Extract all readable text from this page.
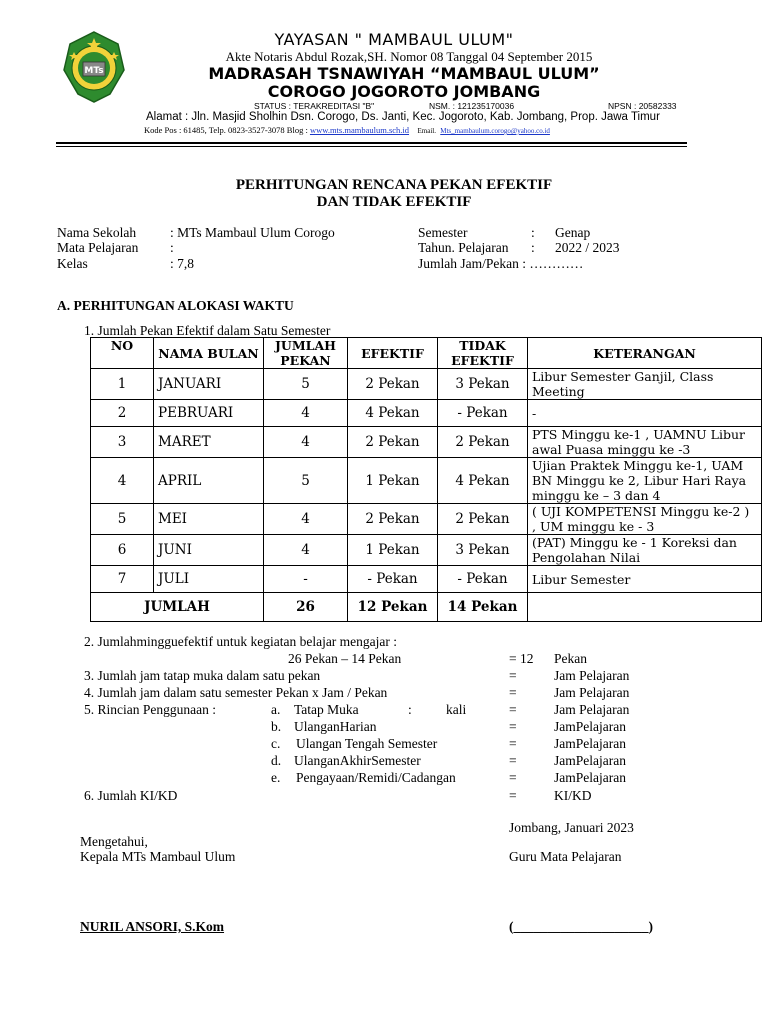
MTs
YAYASAN " MAMBAUL ULUM"
Akte Notaris Abdul Rozak,SH. Nomor 08 Tanggal 04 September 2015
MADRASAH TSNAWIYAH “MAMBAUL ULUM”
COROGO JOGOROTO JOMBANG
STATUS : TERAKREDITASI "B"	NSM. : 121235170036	NPSN : 20582333
Alamat : Jln. Masjid Sholhin Dsn. Corogo, Ds. Janti, Kec. Jogoroto, Kab. Jombang, Prop. Jawa Timur
Kode Pos : 61485, Telp. 0823-3527-3078 Blog : www.mts.mambaulum.sch.id Email. Mts_mambaulum.corogo@yahoo.co.id
PERHITUNGAN RENCANA PEKAN EFEKTIF
DAN TIDAK EFEKTIF
Nama Sekolah	: MTs Mambaul Ulum Corogo
Mata Pelajaran :
Kelas	: 7,8
Semester	: Genap
Tahun. Pelajaran : 2022 / 2023
Jumlah Jam/Pekan : …………
A. PERHITUNGAN ALOKASI WAKTU
1. Jumlah Pekan Efektif dalam Satu Semester
NO	NAMA BULAN	JUMLAH PEKAN	EFEKTIF	TIDAK EFEKTIF	KETERANGAN
1	JANUARI	5	2 Pekan	3 Pekan	Libur Semester Ganjil, Class Meeting
2	PEBRUARI	4	4 Pekan	- Pekan	-
3	MARET	4	2 Pekan	2 Pekan	PTS Minggu ke-1 , UAMNU Libur awal Puasa minggu ke -3
4	APRIL	5	1 Pekan	4 Pekan	Ujian Praktek Minggu ke-1, UAM BN Minggu ke 2, Libur Hari Raya minggu ke – 3 dan 4
5	MEI	4	2 Pekan	2 Pekan	( UJI KOMPETENSI Minggu ke-2 ) , UM minggu ke - 3
6	JUNI	4	1 Pekan	3 Pekan	(PAT) Minggu ke - 1 Koreksi dan Pengolahan Nilai
7	JULI	-	- Pekan	- Pekan	Libur Semester
JUMLAH		26	12 Pekan	14 Pekan	
2. Jumlahmingguefektif untuk kegiatan belajar mengajar :
26 Pekan – 14 Pekan	= 12 Pekan
3. Jumlah jam tatap muka dalam satu pekan	=	Jam Pelajaran
4. Jumlah jam dalam satu semester Pekan x Jam / Pekan	=	Jam Pelajaran
5. Rincian Penggunaan :	a. Tatap Muka	:	kali	=	Jam Pelajaran
b. UlanganHarian	=	JamPelajaran
c. Ulangan Tengah Semester	=	JamPelajaran
d. UlanganAkhirSemester	=	JamPelajaran
e. Pengayaan/Remidi/Cadangan	=	JamPelajaran
6. Jumlah KI/KD	=	KI/KD
Jombang, Januari 2023
Mengetahui,
Kepala MTs Mambaul Ulum	Guru Mata Pelajaran
NURIL ANSORI, S.Kom	(____________________)
